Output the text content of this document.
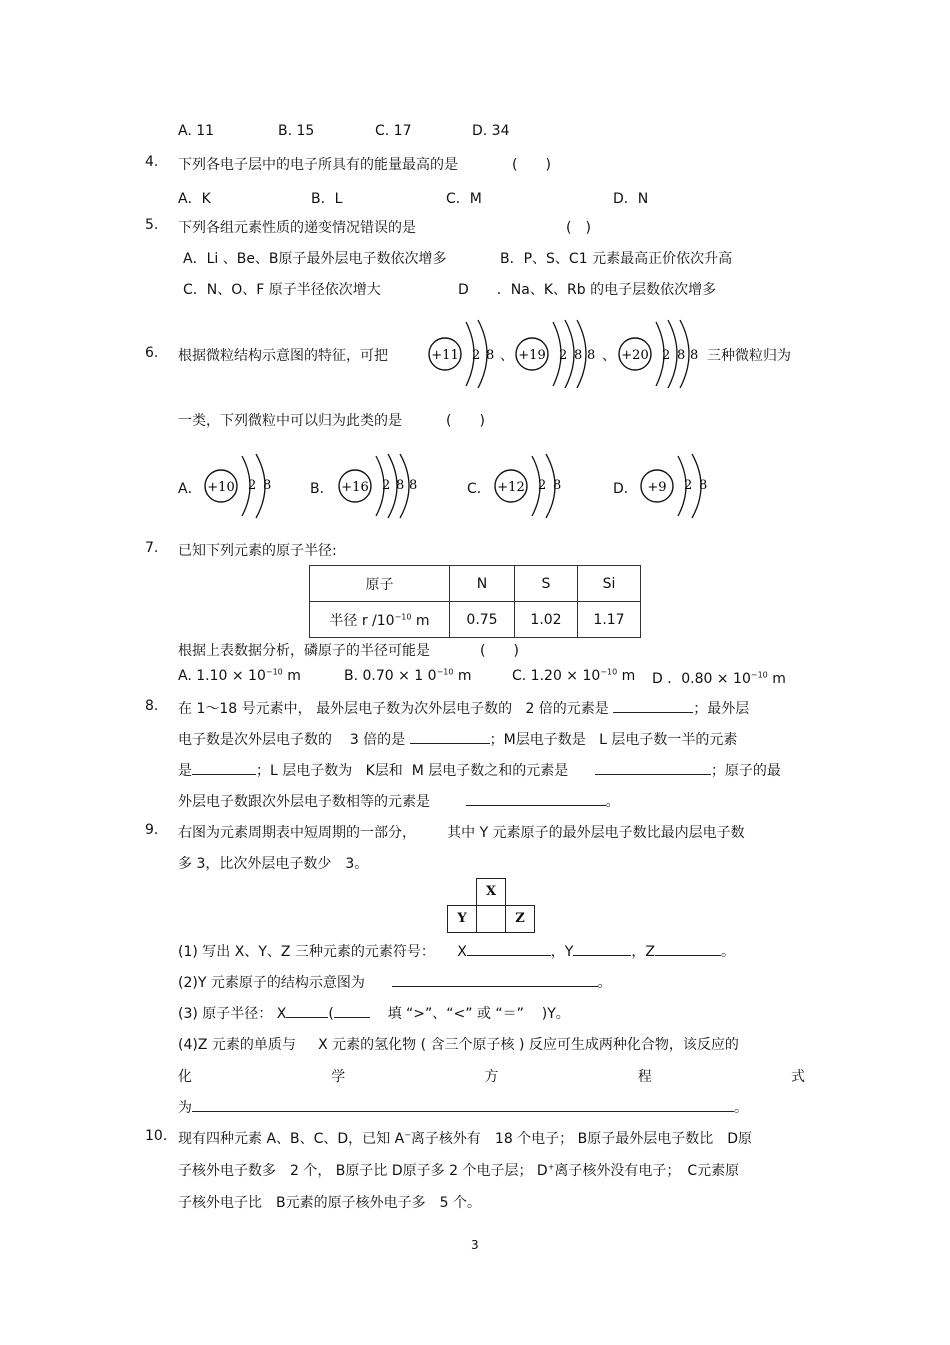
A. 11	B. 15	C. 17	D. 34
4. 下列各电子层中的电子所具有的能量最高的是	(　　)
A．K	B．L	C．M	D．N
5. 下列各组元素性质的递变情况错误的是	(　)
A．Li 、Be、B原子最外层电子数依次增多	B．P、S、C1 元素最高正价依次升高
C．N、O、F 原子半径依次增大	D　　．Na、K、Rb 的电子层数依次增多
6. 根据微粒结构示意图的特征，可把	+11 2 8 、 +19 2 8 8 、 +20 2 8 8 三种微粒归为
一类，下列微粒中可以归为此类的是	(　　)
A． +10 2 8	B． +16 2 8 8	C． +12 2 8	D． +9 2 8
7. 已知下列元素的原子半径:
原子	N	S	Si
半径 r $/10^{-10}$ m	0.75	1.02	1.17
根据上表数据分析，磷原子的半径可能是	(　　)
A. $1.10 \times 10^{-10}$ m	B. 0.70 × 1 $0^{-10}$ m	C. $1.20 \times 10^{-10}$ m D ．$0.80 \times 10^{-10}$ m
8. 在 1～18 号元素中， 最外层电子数为次外层电子数的 2 倍的元素是	；最外层
电子数是次外层电子数的 3 倍的是	；M层电子数是 L 层电子数一半的元素
是	；L 层电子数为 K层和 M 层电子数之和的元素是	；原子的最
外层电子数跟次外层电子数相等的元素是	。
9. 右图为元素周期表中短周期的一部分， 其中 Y 元素原子的最外层电子数比最内层电子数
多 3，比次外层电子数少　3。
X
Y	Z
(1) 写出 X、Y、Z 三种元素的元素符号： X	，Y	，Z	。
(2)Y 元素原子的结构示意图为	。
(3) 原子半径： X	(	填 “>”、“<” 或 “＝” )Y。
(4)Z 元素的单质与 X 元素的氢化物 ( 含三个原子核 ) 反应可生成两种化合物，该反应的
化	学	方	程	式
为	。
10. 现有四种元素 A、B、C、D，已知 A−离子核外有　18 个电子； B原子最外层电子数比　D原
子核外电子数多　2 个， B原子比 D原子多 2 个电子层； D+离子核外没有电子；　C元素原
子核外电子比　B元素的原子核外电子多　5 个。
3
